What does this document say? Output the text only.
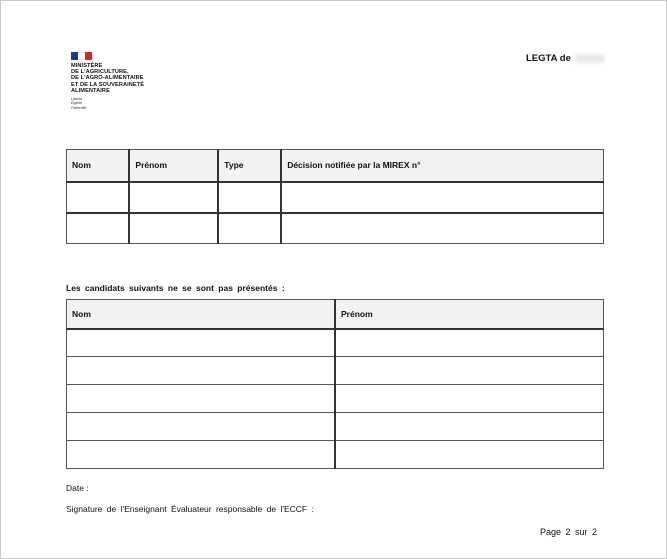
MINISTÈRE
DE L'AGRICULTURE,
DE L'AGRO-ALIMENTAIRE
ET DE LA SOUVERAINETÉ
ALIMENTAIRE
Liberté
Égalité
Fraternité
LEGTA de
Nom	Prénom	Type	Décision notifiée par la MIREX n°

Les candidats suivants ne se sont pas présentés :
Nom	Prénom

Date :
Signature de l'Enseignant Évaluateur responsable de l'ECCF :
Page 2 sur 2
